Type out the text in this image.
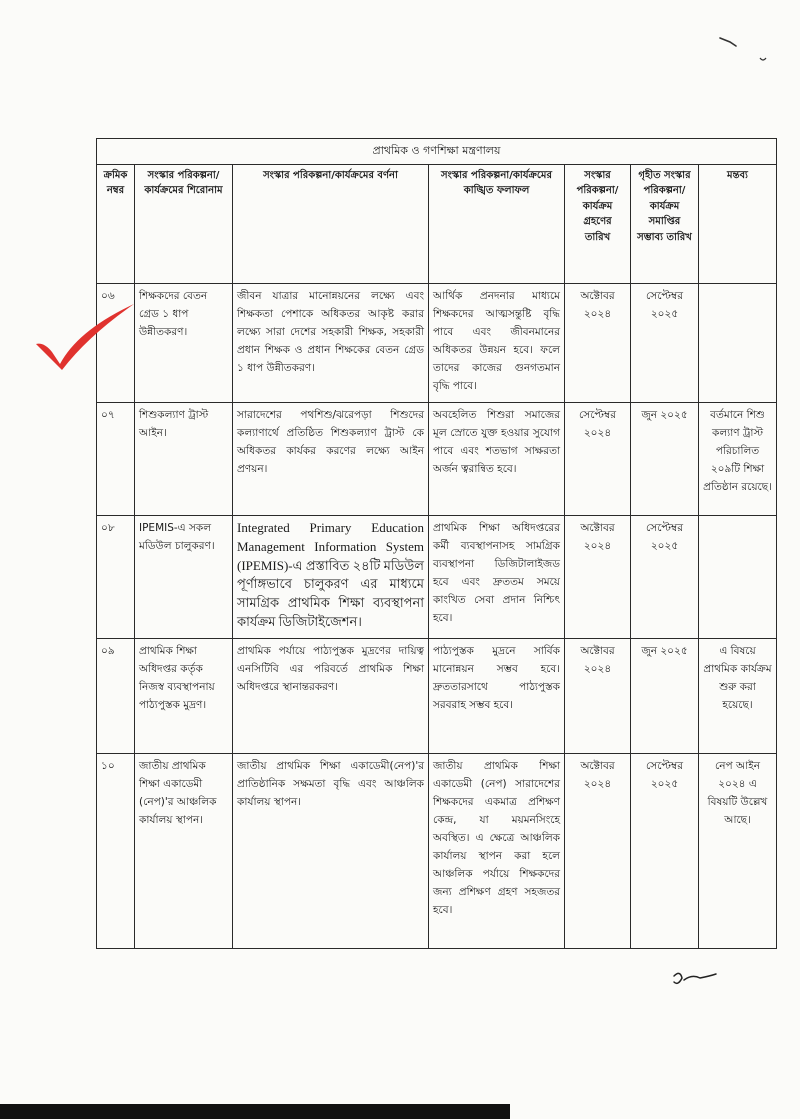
প্রাথমিক ও গণশিক্ষা মন্ত্রণালয়						
ক্রমিক নম্বর	সংস্কার পরিকল্পনা/ কার্যক্রমের শিরোনাম	সংস্কার পরিকল্পনা/কার্যক্রমের বর্ণনা	সংস্কার পরিকল্পনা/কার্যক্রমের কাঙ্খিত ফলাফল	সংস্কার পরিকল্পনা/ কার্যক্রম গ্রহণের তারিখ	গৃহীত সংস্কার পরিকল্পনা/ কার্যক্রম সমাপ্তির সম্ভাব্য তারিখ	মন্তব্য
০৬	শিক্ষকদের বেতন গ্রেড ১ ধাপ উন্নীতকরণ।	জীবন যাত্রার মানোন্নয়নের লক্ষ্যে এবং শিক্ষকতা পেশাকে অধিকতর আকৃষ্ট করার লক্ষ্যে সারা দেশের সহকারী শিক্ষক, সহকারী প্রধান শিক্ষক ও প্রধান শিক্ষকের বেতন গ্রেড ১ ধাপ উন্নীতকরণ।	আর্থিক প্রনদনার মাধ্যমে শিক্ষকদের আত্মসন্তুষ্টি বৃদ্ধি পাবে এবং জীবনমানের অধিকতর উন্নয়ন হবে। ফলে তাদের কাজের গুনগতমান বৃদ্ধি পাবে।	অক্টোবর ২০২৪	সেপ্টেম্বর ২০২৫	
০৭	শিশুকল্যাণ ট্রাস্ট আইন।	সারাদেশের পথশিশু/ঝরেপড়া শিশুদের কল্যাণার্থে প্রতিষ্ঠিত শিশুকল্যাণ ট্রাস্ট কে অধিকতর কার্যকর করণের লক্ষ্যে আইন প্রণয়ন।	অবহেলিত শিশুরা সমাজের মূল স্রোতে যুক্ত হওয়ার সুযোগ পাবে এবং শতভাগ সাক্ষরতা অর্জন ত্বরান্বিত হবে।	সেপ্টেম্বর ২০২৪	জুন ২০২৫	বর্তমানে শিশু কল্যাণ ট্রাস্ট পরিচালিত ২০৯টি শিক্ষা প্রতিষ্ঠান রয়েছে।
০৮	IPEMIS-এ সকল মডিউল চালুকরণ।	Integrated Primary Education Management Information System (IPEMIS)-এ প্রস্তাবিত ২৪টি মডিউল পূর্ণাঙ্গভাবে চালুকরণ এর মাধ্যমে সামগ্রিক প্রাথমিক শিক্ষা ব্যবস্থাপনা কার্যক্রম ডিজিটাইজেশন।	প্রাথমিক শিক্ষা অধিদপ্তরের কর্মী ব্যবস্থাপনাসহ সামগ্রিক ব্যবস্থাপনা ডিজিটালাইজড হবে এবং দ্রুততম সময়ে কাংখিত সেবা প্রদান নিশ্চিৎ হবে।	অক্টোবর ২০২৪	সেপ্টেম্বর ২০২৫	
০৯	প্রাথমিক শিক্ষা অধিদপ্তর কর্তৃক নিজস্ব ব্যবস্থাপনায় পাঠ্যপুস্তক মুদ্রণ।	প্রাথমিক পর্যায়ে পাঠ্যপুস্তক মুদ্রণের দায়িত্ব এনসিটিবি এর পরিবর্তে প্রাথমিক শিক্ষা অধিদপ্তরে স্থানান্তরকরণ।	পাঠ্যপুস্তক মুদ্রনে সার্বিক মানোন্নয়ন সম্ভব হবে। দ্রুততারসাথে পাঠ্যপুস্তক সরবরাহ সম্ভব হবে।	অক্টোবর ২০২৪	জুন ২০২৫	এ বিষয়ে প্রাথমিক কার্যক্রম শুরু করা হয়েছে।
১০	জাতীয় প্রাথমিক শিক্ষা একাডেমী (নেপ)'র আঞ্চলিক কার্যালয় স্থাপন।	জাতীয় প্রাথমিক শিক্ষা একাডেমী(নেপ)'র প্রাতিষ্ঠানিক সক্ষমতা বৃদ্ধি এবং আঞ্চলিক কার্যালয় স্থাপন।	জাতীয় প্রাথমিক শিক্ষা একাডেমী (নেপ) সারাদেশের শিক্ষকদের একমাত্র প্রশিক্ষণ কেন্দ্র, যা ময়মনসিংহে অবস্থিত। এ ক্ষেত্রে আঞ্চলিক কার্যালয় স্থাপন করা হলে আঞ্চলিক পর্যায়ে শিক্ষকদের জন্য প্রশিক্ষণ গ্রহণ সহজতর হবে।	অক্টোবর ২০২৪	সেপ্টেম্বর ২০২৫	নেপ আইন ২০২৪ এ বিষয়টি উল্লেখ আছে।
